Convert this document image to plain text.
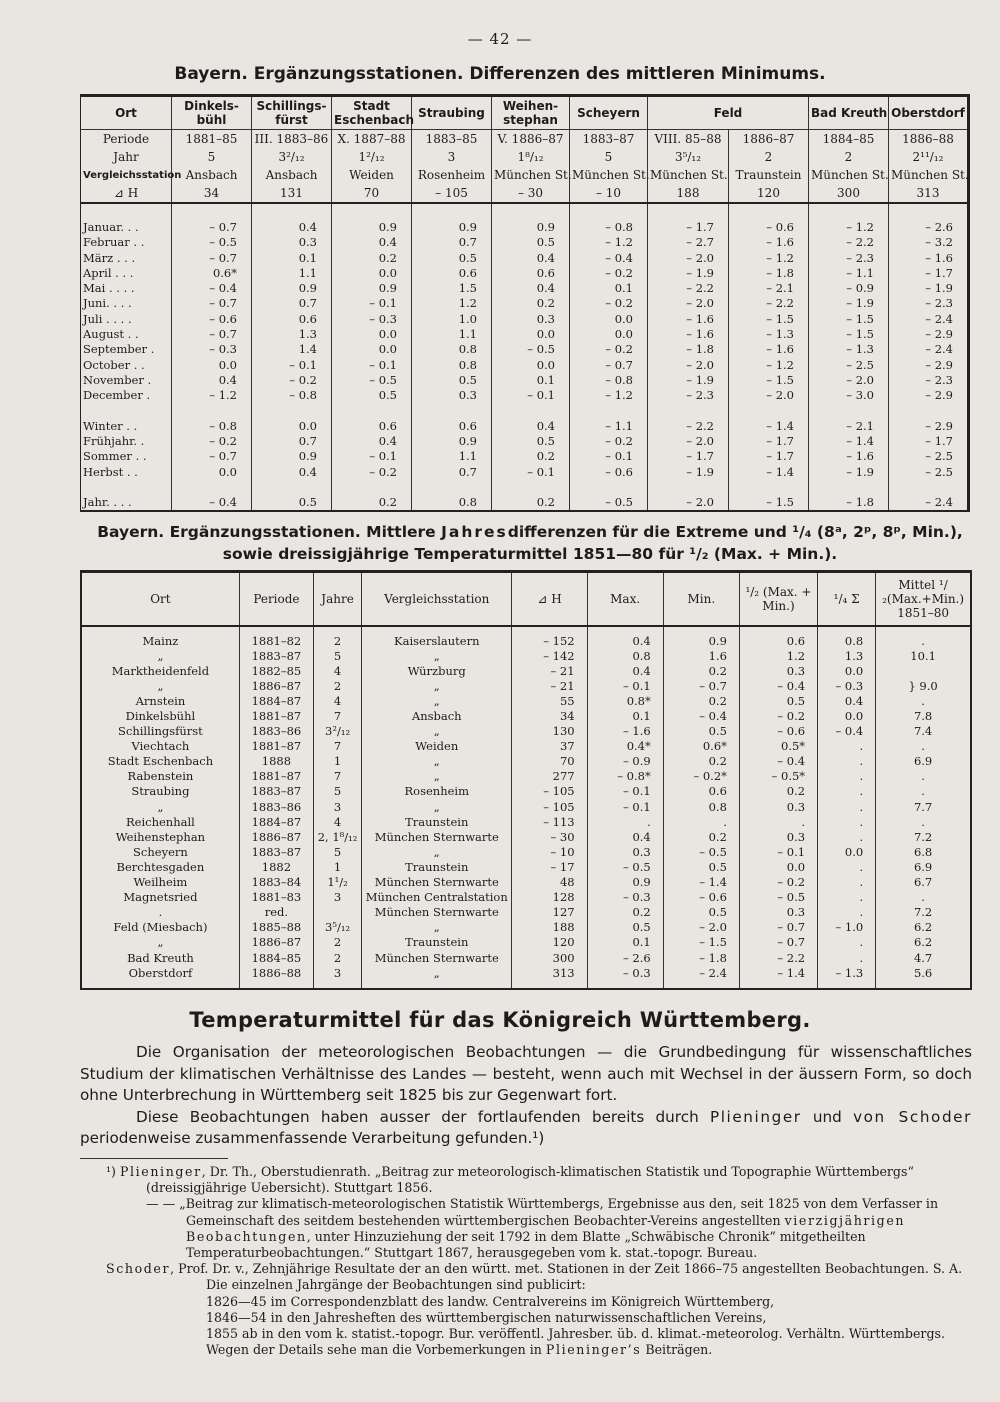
— 42 —
Bayern. Ergänzungsstationen. Differenzen des mittleren Minimums.
Ort	Dinkels-bühl	Schillings-fürst	Stadt Eschenbach	Straubing	Weihen-stephan	Scheyern	Feld		Bad Kreuth	Oberstdorf
Periode	1881–85	III. 1883–86	X. 1887–88	1883–85	V. 1886–87	1883–87	VIII. 85–88	1886–87	1884–85	1886–88
Jahr	5	3²/₁₂	1²/₁₂	3	1⁸/₁₂	5	3⁵/₁₂	2	2	2¹¹/₁₂
Vergleichsstation	Ansbach	Ansbach	Weiden	Rosenheim	München St.	München St.	München St.	Traunstein	München St.	München St.
⊿ H	34	131	70	– 105	– 30	– 10	188	120	300	313

Januar. . .	– 0.7	0.4	0.9	0.9	0.9	– 0.8	– 1.7	– 0.6	– 1.2	– 2.6
Februar . .	– 0.5	0.3	0.4	0.7	0.5	– 1.2	– 2.7	– 1.6	– 2.2	– 3.2
März . . .	– 0.7	0.1	0.2	0.5	0.4	– 0.4	– 2.0	– 1.2	– 2.3	– 1.6
April . . .	0.6*	1.1	0.0	0.6	0.6	– 0.2	– 1.9	– 1.8	– 1.1	– 1.7
Mai . . . .	– 0.4	0.9	0.9	1.5	0.4	0.1	– 2.2	– 2.1	– 0.9	– 1.9
Juni. . . .	– 0.7	0.7	– 0.1	1.2	0.2	– 0.2	– 2.0	– 2.2	– 1.9	– 2.3
Juli . . . .	– 0.6	0.6	– 0.3	1.0	0.3	0.0	– 1.6	– 1.5	– 1.5	– 2.4
August . .	– 0.7	1.3	0.0	1.1	0.0	0.0	– 1.6	– 1.3	– 1.5	– 2.9
September .	– 0.3	1.4	0.0	0.8	– 0.5	– 0.2	– 1.8	– 1.6	– 1.3	– 2.4
October . .	0.0	– 0.1	– 0.1	0.8	0.0	– 0.7	– 2.0	– 1.2	– 2.5	– 2.9
November .	0.4	– 0.2	– 0.5	0.5	0.1	– 0.8	– 1.9	– 1.5	– 2.0	– 2.3
December .	– 1.2	– 0.8	0.5	0.3	– 0.1	– 1.2	– 2.3	– 2.0	– 3.0	– 2.9

Winter . .	– 0.8	0.0	0.6	0.6	0.4	– 1.1	– 2.2	– 1.4	– 2.1	– 2.9
Frühjahr. .	– 0.2	0.7	0.4	0.9	0.5	– 0.2	– 2.0	– 1.7	– 1.4	– 1.7
Sommer . .	– 0.7	0.9	– 0.1	1.1	0.2	– 0.1	– 1.7	– 1.7	– 1.6	– 2.5
Herbst . .	0.0	0.4	– 0.2	0.7	– 0.1	– 0.6	– 1.9	– 1.4	– 1.9	– 2.5

Jahr. . . .	– 0.4	0.5	0.2	0.8	0.2	– 0.5	– 2.0	– 1.5	– 1.8	– 2.4
Bayern. Ergänzungsstationen. Mittlere Jahresdifferenzen für die Extreme und ¹/₄ (8ᵃ, 2ᵖ, 8ᵖ, Min.),
sowie dreissigjährige Temperaturmittel 1851—80 für ¹/₂ (Max. + Min.).
Ort	Periode	Jahre	Vergleichsstation	⊿ H	Max.	Min.	¹/₂ (Max. + Min.)	¹/₄ Σ	Mittel ¹/₂(Max.+Min.) 1851–80
Mainz	1881–82	2	Kaiserslautern	– 152	0.4	0.9	0.6	0.8	.
„	1883–87	5	„	– 142	0.8	1.6	1.2	1.3	10.1
Marktheidenfeld	1882–85	4	Würzburg	– 21	0.4	0.2	0.3	0.0	
„	1886–87	2	„	– 21	– 0.1	– 0.7	– 0.4	– 0.3	} 9.0
Arnstein	1884–87	4	„	55	0.8*	0.2	0.5	0.4	.
Dinkelsbühl	1881–87	7	Ansbach	34	0.1	– 0.4	– 0.2	0.0	7.8
Schillingsfürst	1883–86	3²/₁₂	„	130	– 1.6	0.5	– 0.6	– 0.4	7.4
Viechtach	1881–87	7	Weiden	37	0.4*	0.6*	0.5*	.	.
Stadt Eschenbach	1888	1	„	70	– 0.9	0.2	– 0.4	.	6.9
Rabenstein	1881–87	7	„	277	– 0.8*	– 0.2*	– 0.5*	.	.
Straubing	1883–87	5	Rosenheim	– 105	– 0.1	0.6	0.2	.	.
„	1883–86	3	„	– 105	– 0.1	0.8	0.3	.	7.7
Reichenhall	1884–87	4	Traunstein	– 113	.	.	.	.	.
Weihenstephan	1886–87	2, 1⁸/₁₂	München Sternwarte	– 30	0.4	0.2	0.3	.	7.2
Scheyern	1883–87	5	„	– 10	0.3	– 0.5	– 0.1	0.0	6.8
Berchtesgaden	1882	1	Traunstein	– 17	– 0.5	0.5	0.0	.	6.9
Weilheim	1883–84	1¹/₂	München Sternwarte	48	0.9	– 1.4	– 0.2	.	6.7
Magnetsried	1881–83	3	München Centralstation	128	– 0.3	– 0.6	– 0.5	.	.
.	red.		München Sternwarte	127	0.2	0.5	0.3	.	7.2
Feld (Miesbach)	1885–88	3⁵/₁₂	„	188	0.5	– 2.0	– 0.7	– 1.0	6.2
„	1886–87	2	Traunstein	120	0.1	– 1.5	– 0.7	.	6.2
Bad Kreuth	1884–85	2	München Sternwarte	300	– 2.6	– 1.8	– 2.2	.	4.7
Oberstdorf	1886–88	3	„	313	– 0.3	– 2.4	– 1.4	– 1.3	5.6
Temperaturmittel für das Königreich Württemberg.

Die Organisation der meteorologischen Beobachtungen — die Grundbedingung für wissenschaftliches Studium der klimatischen Verhältnisse des Landes — besteht, wenn auch mit Wechsel in der äussern Form, so doch ohne Unterbrechung in Württemberg seit 1825 bis zur Gegenwart fort.

Diese Beobachtungen haben ausser der fortlaufenden bereits durch Plieninger und von Schoder periodenweise zusammenfassende Verarbeitung gefunden.¹)

¹) Plieninger, Dr. Th., Oberstudienrath. „Beitrag zur meteorologisch-klimatischen Statistik und Topographie Württembergs“ (dreissigjährige Uebersicht). Stuttgart 1856.

— — „Beitrag zur klimatisch-meteorologischen Statistik Württembergs, Ergebnisse aus den, seit 1825 von dem Verfasser in Gemeinschaft des seitdem bestehenden württembergischen Beobachter-Vereins angestellten vierzigjährigen Beobachtungen, unter Hinzuziehung der seit 1792 in dem Blatte „Schwäbische Chronik“ mitgetheilten Temperaturbeobachtungen.“ Stuttgart 1867, herausgegeben vom k. stat.-topogr. Bureau.

Schoder, Prof. Dr. v., Zehnjährige Resultate der an den württ. met. Stationen in der Zeit 1866–75 angestellten Beobachtungen. S. A.

Die einzelnen Jahrgänge der Beobachtungen sind publicirt:

1826—45 im Correspondenzblatt des landw. Centralvereins im Königreich Württemberg,

1846—54 in den Jahresheften des württembergischen naturwissenschaftlichen Vereins,

1855 ab in den vom k. statist.-topogr. Bur. veröffentl. Jahresber. üb. d. klimat.-meteorolog. Verhältn. Württembergs.

Wegen der Details sehe man die Vorbemerkungen in Plieninger’s Beiträgen.
